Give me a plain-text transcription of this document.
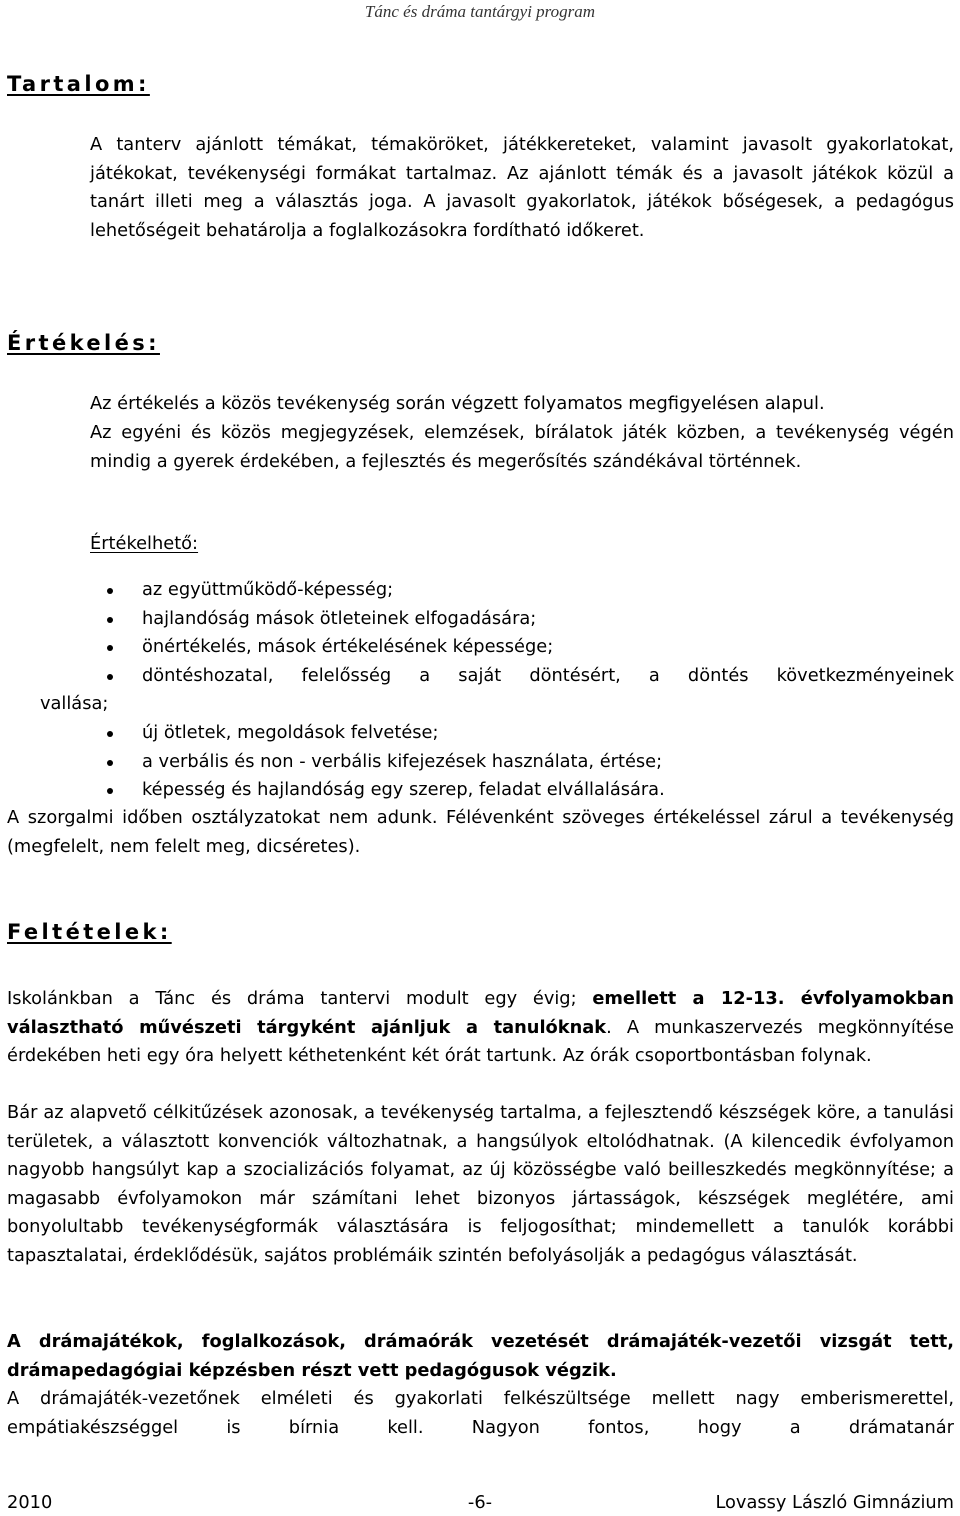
Tánc és dráma tantárgyi program
Tartalom:

A tanterv ajánlott témákat, témaköröket, játékkereteket, valamint javasolt gyakorlatokat, játékokat, tevékenységi formákat tartalmaz. Az ajánlott témák és a javasolt játékok közül a tanárt illeti meg a választás joga. A javasolt gyakorlatok, játékok bőségesek, a pedagógus lehetőségeit behatárolja a foglalkozásokra fordítható időkeret.

Értékelés:

Az értékelés a közös tevékenység során végzett folyamatos megfigyelésen alapul.

Az egyéni és közös megjegyzések, elemzések, bírálatok játék közben, a tevékenység végén mindig a gyerek érdekében, a fejlesztés és megerősítés szándékával történnek.

Értékelhető:
az együttműködő-képesség;
hajlandóság mások ötleteinek elfogadására;
önértékelés, mások értékelésének képessége;
döntéshozatal, felelősség a saját döntésért, a döntés következményeinek
vallása;
új ötletek, megoldások felvetése;
a verbális és non - verbális kifejezések használata, értése;
képesség és hajlandóság egy szerep, feladat elvállalására.

A szorgalmi időben osztályzatokat nem adunk. Félévenként szöveges értékeléssel zárul a tevékenység (megfelelt, nem felelt meg, dicséretes).

Feltételek:

Iskolánkban a Tánc és dráma tantervi modult egy évig; emellett a 12-13. évfolyamokban választható művészeti tárgyként ajánljuk a tanulóknak. A munkaszervezés megkönnyítése érdekében heti egy óra helyett kéthetenként két órát tartunk. Az órák csoportbontásban folynak.

Bár az alapvető célkitűzések azonosak, a tevékenység tartalma, a fejlesztendő készségek köre, a tanulási területek, a választott konvenciók változhatnak, a hangsúlyok eltolódhatnak. (A kilencedik évfolyamon nagyobb hangsúlyt kap a szocializációs folyamat, az új közösségbe való beilleszkedés megkönnyítése; a magasabb évfolyamokon már számítani lehet bizonyos jártasságok, készségek meglétére, ami bonyolultabb tevékenységformák választására is feljogosíthat; mindemellett a tanulók korábbi tapasztalatai, érdeklődésük, sajátos problémáik szintén befolyásolják a pedagógus választását.

A drámajátékok, foglalkozások, drámaórák vezetését drámajáték-vezetői vizsgát tett, drámapedagógiai képzésben részt vett pedagógusok végzik.

A drámajáték-vezetőnek elméleti és gyakorlati felkészültsége mellett nagy emberismerettel, empátiakészséggel is bírnia kell. Nagyon fontos, hogy a drámatanár

2010	-6-	Lovassy László Gimnázium
